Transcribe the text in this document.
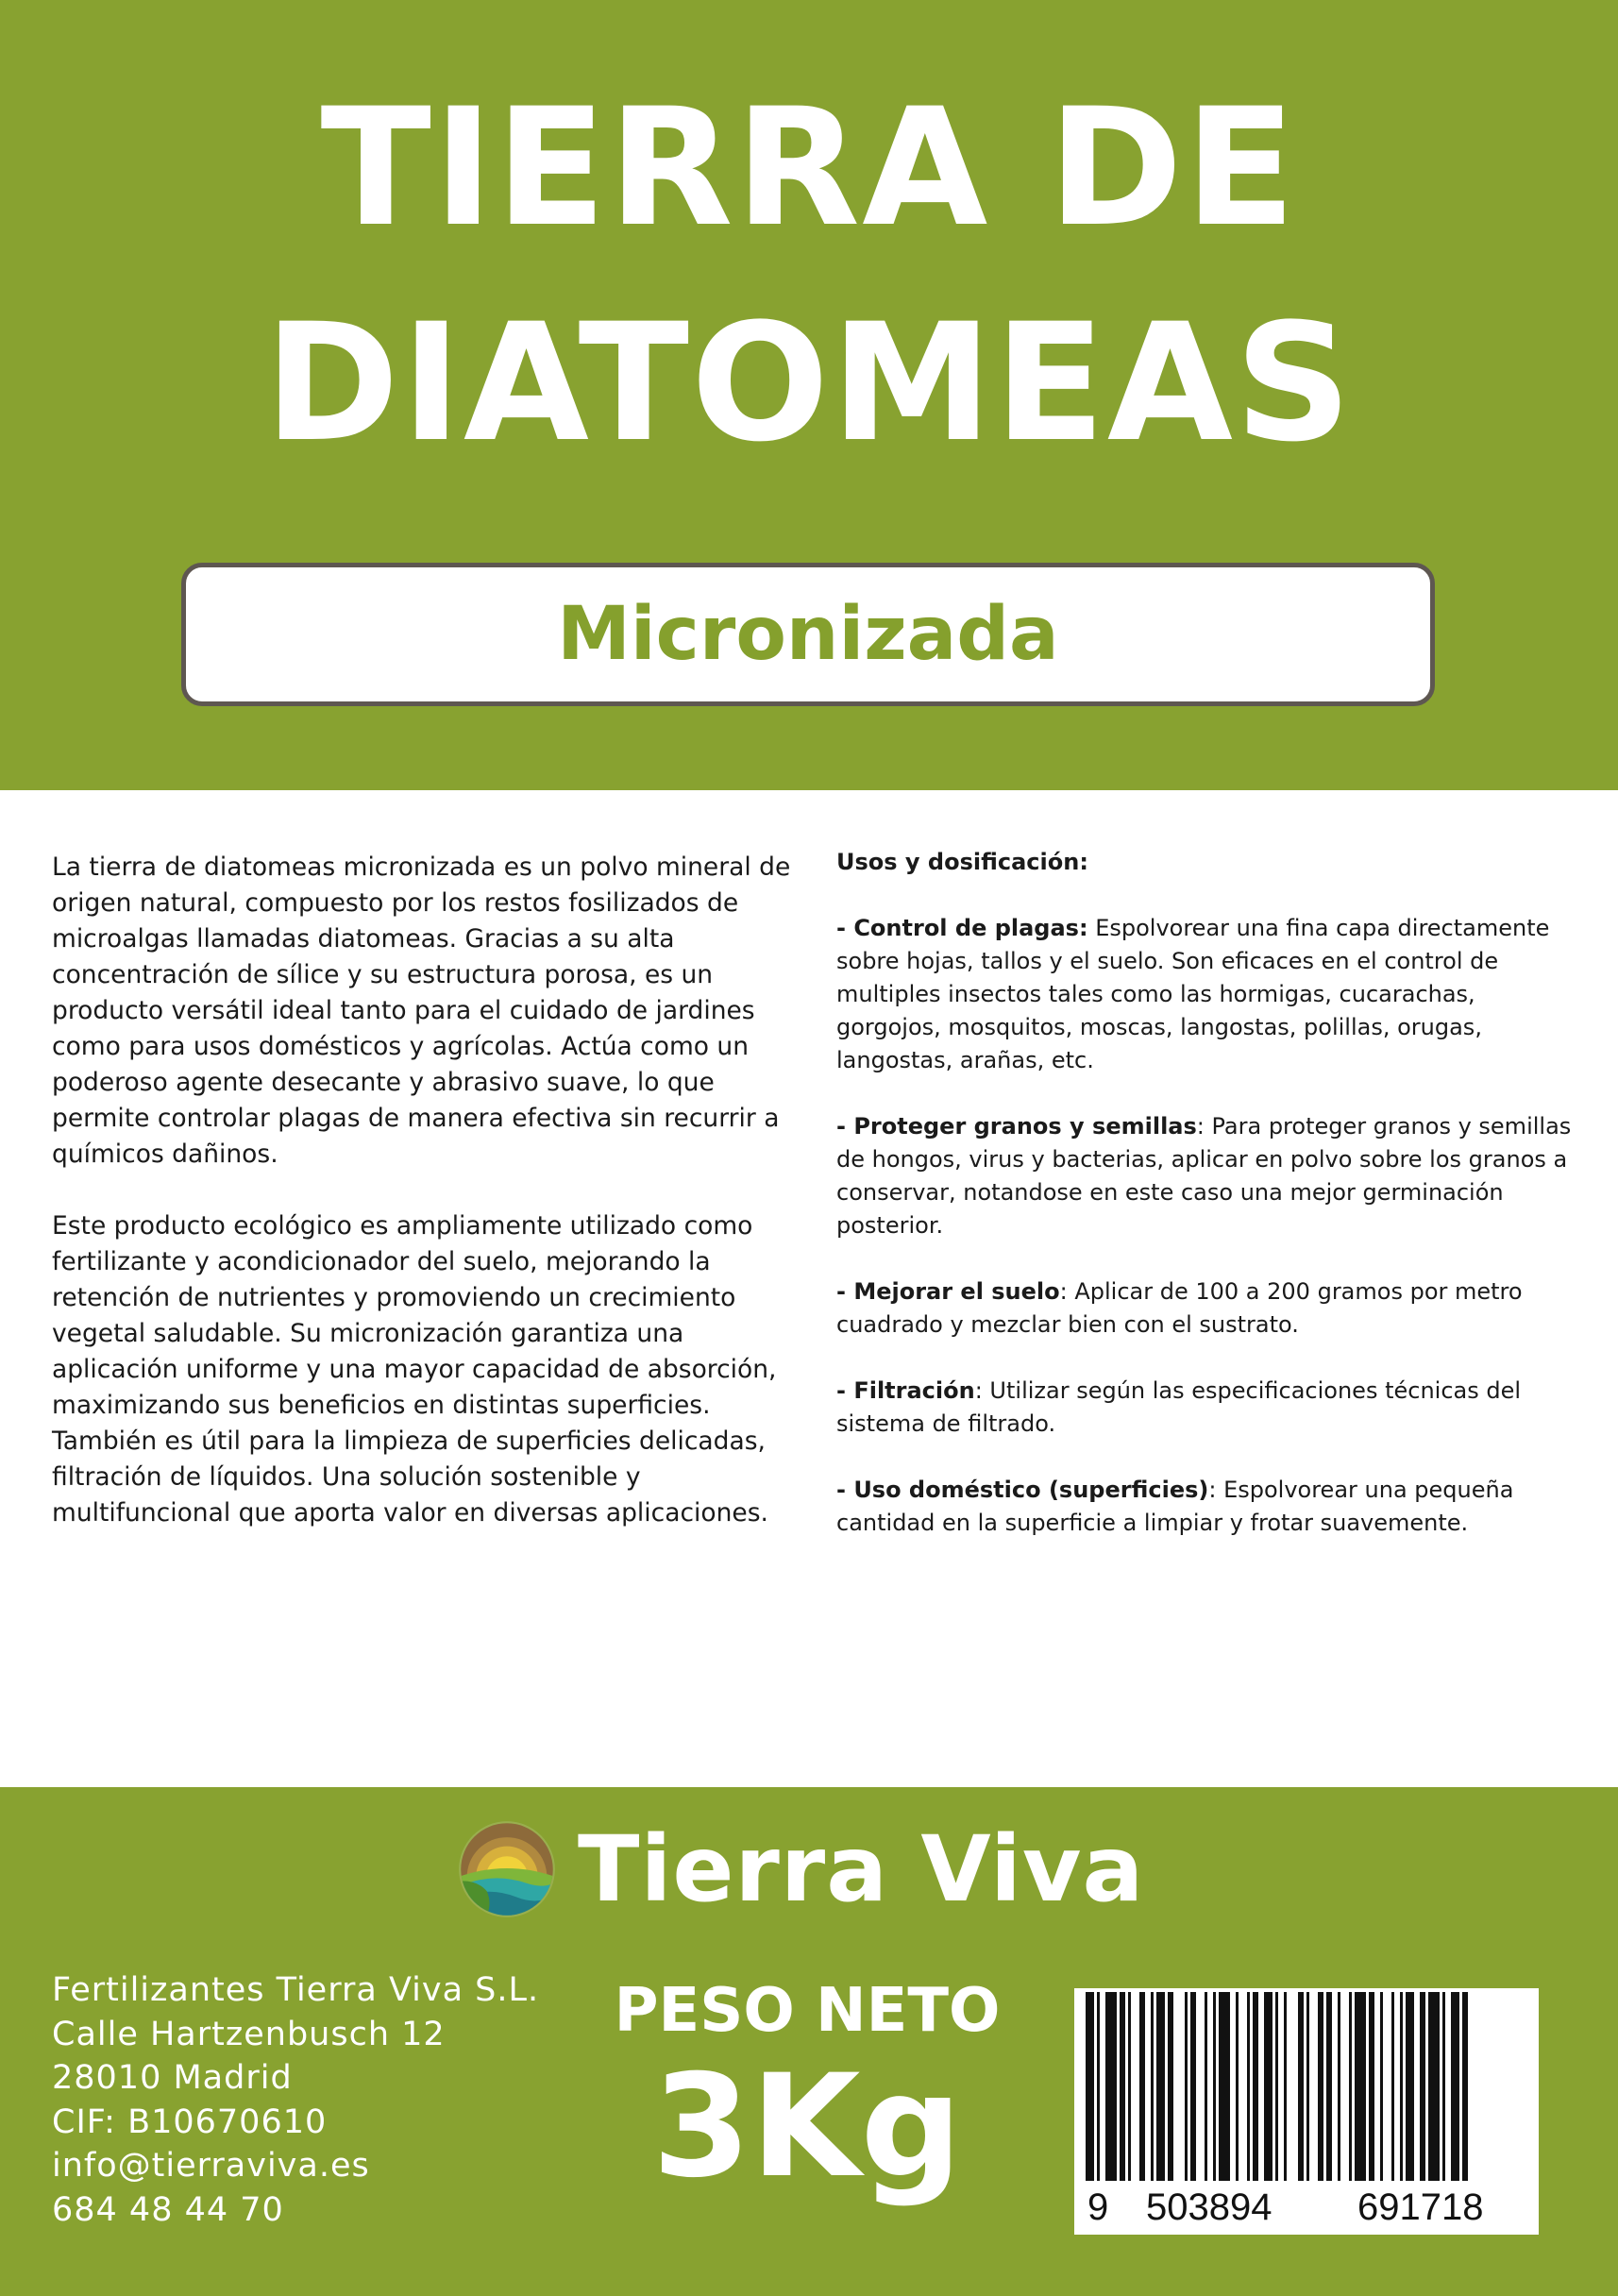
TIERRA DE
DIATOMEAS
Micronizada

La tierra de diatomeas micronizada es un polvo mineral de origen natural, compuesto por los restos fosilizados de microalgas llamadas diatomeas. Gracias a su alta concentración de sílice y su estructura porosa, es un producto versátil ideal tanto para el cuidado de jardines como para usos domésticos y agrícolas. Actúa como un poderoso agente desecante y abrasivo suave, lo que permite controlar plagas de manera efectiva sin recurrir a químicos dañinos.

Este producto ecológico es ampliamente utilizado como fertilizante y acondicionador del suelo, mejorando la retención de nutrientes y promoviendo un crecimiento vegetal saludable. Su micronización garantiza una aplicación uniforme y una mayor capacidad de absorción, maximizando sus beneficios en distintas superficies. También es útil para la limpieza de superficies delicadas, filtración de líquidos. Una solución sostenible y multifuncional que aporta valor en diversas aplicaciones.

Usos y dosificación:
- Control de plagas: Espolvorear una fina capa directamente sobre hojas, tallos y el suelo. Son eficaces en el control de multiples insectos tales como las hormigas, cucarachas, gorgojos, mosquitos, moscas, langostas, polillas, orugas, langostas, arañas, etc.
- Proteger granos y semillas: Para proteger granos y semillas de hongos, virus y bacterias, aplicar en polvo sobre los granos a conservar, notandose en este caso una mejor germinación posterior.
- Mejorar el suelo: Aplicar de 100 a 200 gramos por metro cuadrado y mezclar bien con el sustrato.
- Filtración: Utilizar según las especificaciones técnicas del sistema de filtrado.
- Uso doméstico (superficies): Espolvorear una pequeña cantidad en la superficie a limpiar y frotar suavemente.
Tierra Viva
Fertilizantes Tierra Viva S.L.
Calle Hartzenbusch 12
28010 Madrid
CIF: B10670610
info@tierraviva.es
684 48 44 70
PESO NETO
3Kg	9 503894 691718
